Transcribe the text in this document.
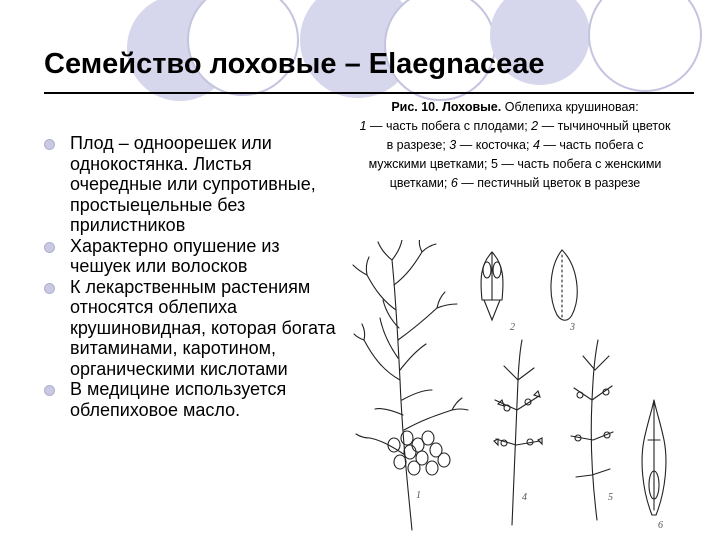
Семейство лоховые – Elaegnaceae
Плод – одноорешек или однокостянка. Листья очередные или супротивные, простыецельные без прилистников
Характерно опушение из чешуек или волосков
К лекарственным растениям относятся облепиха крушиновидная, которая богата витаминами, каротином, органическими кислотами
В медицине используется облепиховое масло.
Рис. 10. Лоховые. Облепиха крушиновая:
1 — часть побега с плодами; 2 — тычиночный цветок в разрезе; 3 — косточка; 4 — часть побега с мужскими цветками; 5 — часть побега с женскими цветками; 6 — пестичный цветок в разрезе
1
2	3
4	5
6
